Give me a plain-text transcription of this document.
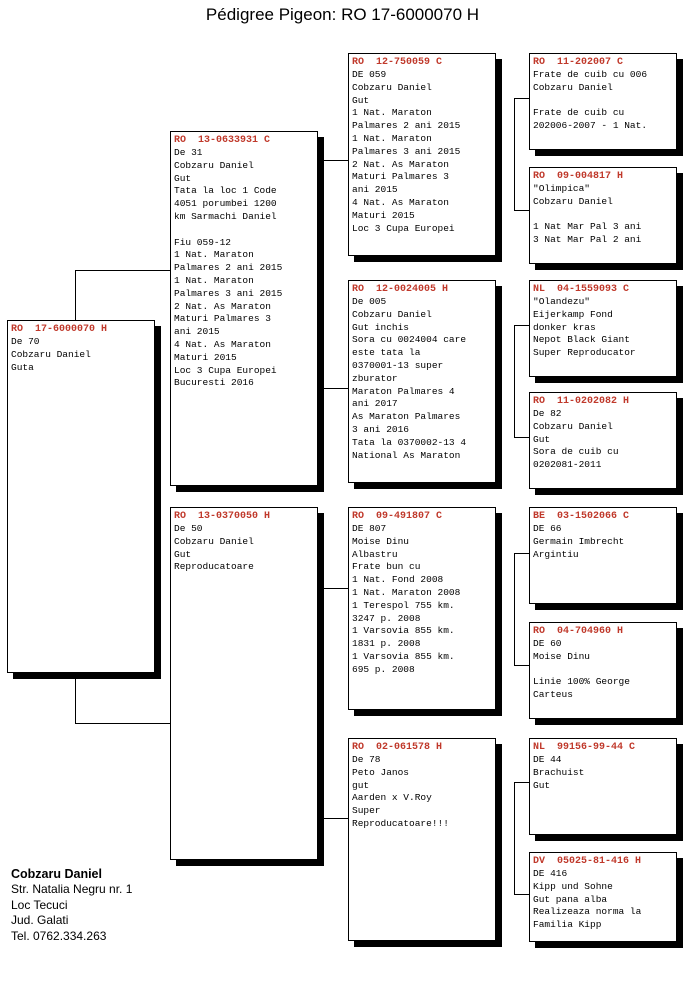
Pédigree Pigeon: RO 17-6000070 H
RO  17-6000070 H
De 70
Cobzaru Daniel
Guta
RO  13-0633931 C
De 31
Cobzaru Daniel
Gut
Tata la loc 1 Code
4051 porumbei 1200
km Sarmachi Daniel
Fiu 059-12
1 Nat. Maraton
Palmares 2 ani 2015
1 Nat. Maraton
Palmares 3 ani 2015
2 Nat. As Maraton
Maturi Palmares 3
ani 2015
4 Nat. As Maraton
Maturi 2015
Loc 3 Cupa Europei
Bucuresti 2016
RO  13-0370050 H
De 50
Cobzaru Daniel
Gut
Reproducatoare
RO  12-750059 C
DE 059
Cobzaru Daniel
Gut
1 Nat. Maraton
Palmares 2 ani 2015
1 Nat. Maraton
Palmares 3 ani 2015
2 Nat. As Maraton
Maturi Palmares 3
ani 2015
4 Nat. As Maraton
Maturi 2015
Loc 3 Cupa Europei
RO  12-0024005 H
De 005
Cobzaru Daniel
Gut inchis
Sora cu 0024004 care
este tata la
0370001-13 super
zburator
Maraton Palmares 4
ani 2017
As Maraton Palmares
3 ani 2016
Tata la 0370002-13 4
National As Maraton
RO  09-491807 C
DE 807
Moise Dinu
Albastru
Frate bun cu
1 Nat. Fond 2008
1 Nat. Maraton 2008
1 Terespol 755 km.
3247 p. 2008
1 Varsovia 855 km.
1831 p. 2008
1 Varsovia 855 km.
695 p. 2008
RO  02-061578 H
De 78
Peto Janos
gut
Aarden x V.Roy
Super
Reproducatoare!!!
RO  11-202007 C
Frate de cuib cu 006
Cobzaru Daniel
Frate de cuib cu
202006-2007 - 1 Nat.
RO  09-004817 H
"Olimpica"
Cobzaru Daniel
1 Nat Mar Pal 3 ani
3 Nat Mar Pal 2 ani
NL  04-1559093 C
"Olandezu"
Eijerkamp Fond
donker kras
Nepot Black Giant
Super Reproducator
RO  11-0202082 H
De 82
Cobzaru Daniel
Gut
Sora de cuib cu
0202081-2011
BE  03-1502066 C
DE 66
Germain Imbrecht
Argintiu
RO  04-704960 H
DE 60
Moise Dinu
Linie 100% George
Carteus
NL  99156-99-44 C
DE 44
Brachuist
Gut
DV  05025-81-416 H
DE 416
Kipp und Sohne
Gut pana alba
Realizeaza norma la
Familia Kipp
Cobzaru Daniel
Str. Natalia Negru nr. 1
Loc Tecuci
Jud. Galati
Tel. 0762.334.263
